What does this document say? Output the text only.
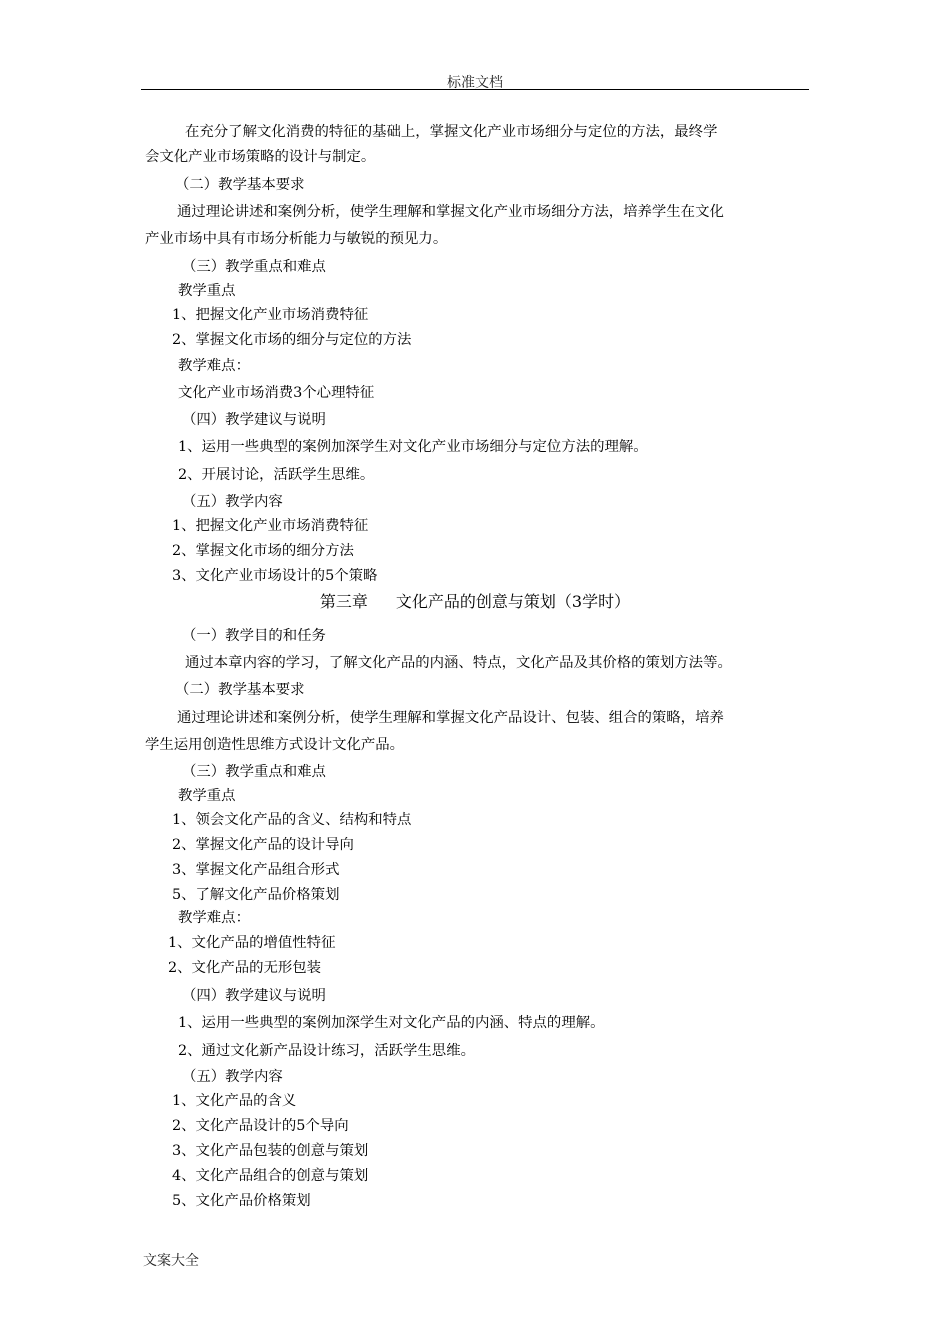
标准文档
在充分了解文化消费的特征的基础上，掌握文化产业市场细分与定位的方法，最终学
会文化产业市场策略的设计与制定。
（二）教学基本要求
通过理论讲述和案例分析，使学生理解和掌握文化产业市场细分方法，培养学生在文化
产业市场中具有市场分析能力与敏锐的预见力。
（三）教学重点和难点
教学重点
1、把握文化产业市场消费特征
2、掌握文化市场的细分与定位的方法
教学难点：
文化产业市场消费3个心理特征
（四）教学建议与说明
1、运用一些典型的案例加深学生对文化产业市场细分与定位方法的理解。
2、开展讨论，活跃学生思维。
（五）教学内容
1、把握文化产业市场消费特征
2、掌握文化市场的细分方法
3、文化产业市场设计的5个策略
第三章 文化产品的创意与策划（3学时）
（一）教学目的和任务
通过本章内容的学习，了解文化产品的内涵、特点，文化产品及其价格的策划方法等。
（二）教学基本要求
通过理论讲述和案例分析，使学生理解和掌握文化产品设计、包装、组合的策略，培养
学生运用创造性思维方式设计文化产品。
（三）教学重点和难点
教学重点
1、领会文化产品的含义、结构和特点
2、掌握文化产品的设计导向
3、掌握文化产品组合形式
5、了解文化产品价格策划
教学难点：
1、文化产品的增值性特征
2、文化产品的无形包装
（四）教学建议与说明
1、运用一些典型的案例加深学生对文化产品的内涵、特点的理解。
2、通过文化新产品设计练习，活跃学生思维。
（五）教学内容
1、文化产品的含义
2、文化产品设计的5个导向
3、文化产品包装的创意与策划
4、文化产品组合的创意与策划
5、文化产品价格策划
文案大全
